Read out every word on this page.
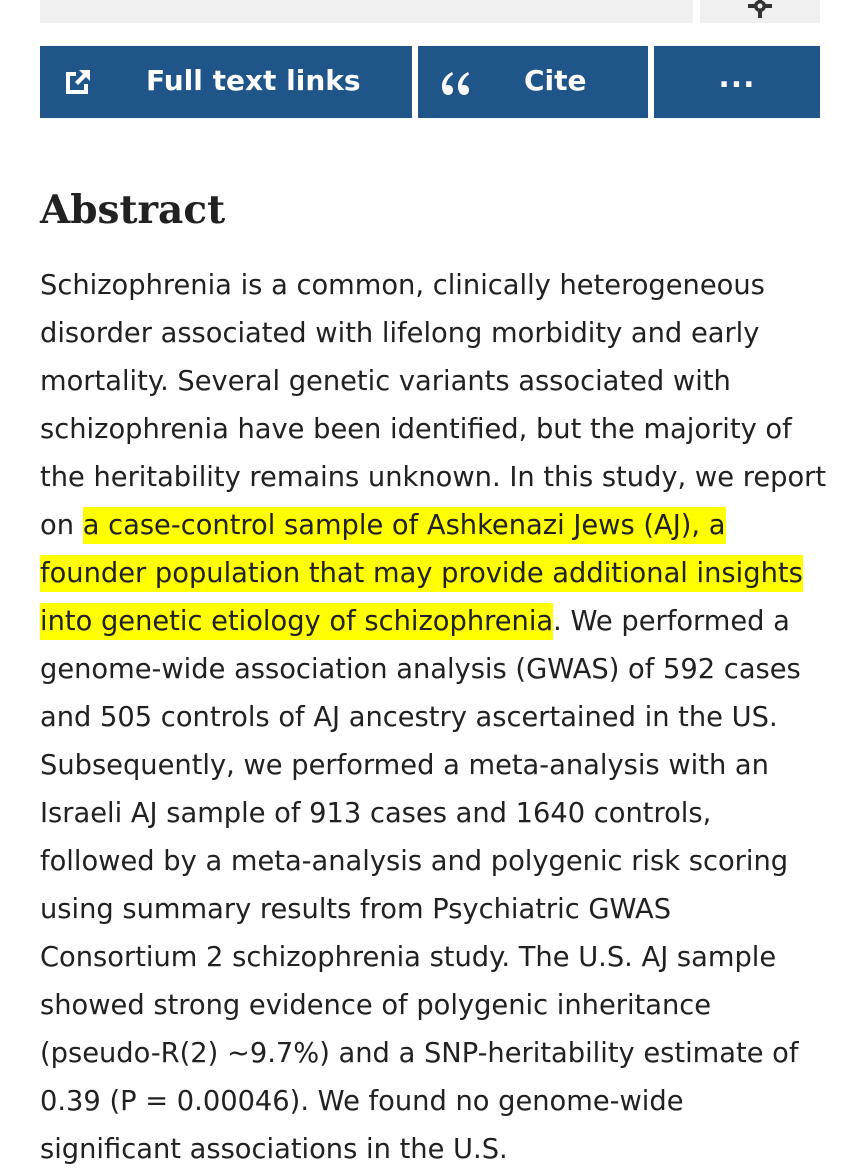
Full text links	Cite	...
Abstract

Schizophrenia is a common, clinically heterogeneous disorder associated with lifelong morbidity and early mortality. Several genetic variants associated with schizophrenia have been identified, but the majority of the heritability remains unknown. In this study, we report on a case-control sample of Ashkenazi Jews (AJ), a founder population that may provide additional insights into genetic etiology of schizophrenia. We performed a genome-wide association analysis (GWAS) of 592 cases and 505 controls of AJ ancestry ascertained in the US. Subsequently, we performed a meta-analysis with an Israeli AJ sample of 913 cases and 1640 controls, followed by a meta-analysis and polygenic risk scoring using summary results from Psychiatric GWAS Consortium 2 schizophrenia study. The U.S. AJ sample showed strong evidence of polygenic inheritance (pseudo-R(2) ~9.7%) and a SNP-heritability estimate of 0.39 (P = 0.00046). We found no genome-wide significant associations in the U.S.
